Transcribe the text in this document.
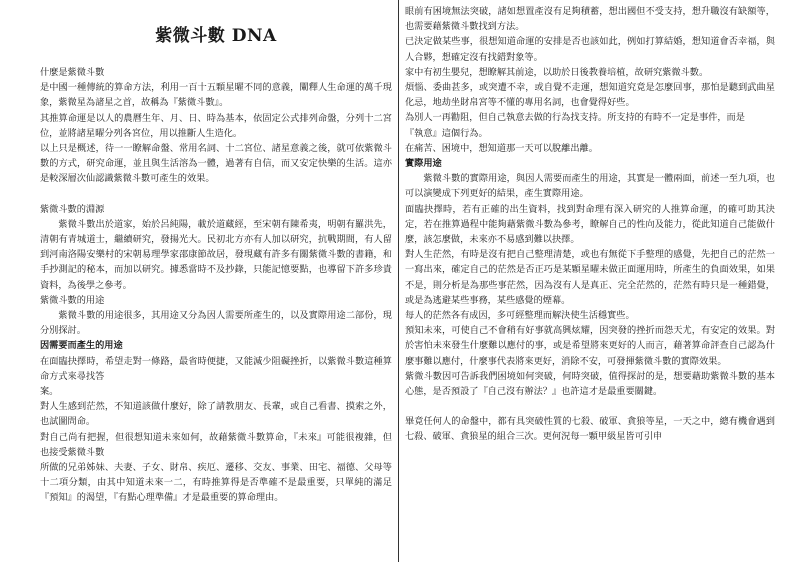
紫微斗數 DNA

什麼是紫微斗數

是中國一種傳統的算命方法，利用一百十五顆星曜不同的意義，闡釋人生命運的萬千現象，紫微星為諸星之首，故稱為『紫微斗數』。

其推算命運是以人的農曆生年、月、日、時為基本，依固定公式排列命盤，分列十二宮位，並將諸星曜分列各宮位，用以推斷人生造化。

以上只是概述，待一一瞭解命盤、常用名詞、十二宮位、諸星意義之後，就可依紫微斗數的方式，研究命運，並且與生活溶為一體，過著有自信，而又安定快樂的生活。這亦是較深層次仙認識紫微斗數可產生的效果。

紫微斗數的淵源

紫微斗數出於道家，始於呂純陽，載於道藏經，至宋朝有陳希夷，明朝有羅洪先，清朝有青城道士，繼續研究，發揚光大。民初北方亦有人加以研究，抗戰期間，有人留到河南洛陽安樂村的宋朝易理學家邵康節故居，發現藏有許多有關紫微斗數的書籍，和手抄測記的秘本，而加以研究。據悉當時不及抄錄，只能記憶要點，也導留下許多珍貴資料，為後學之參考。

紫微斗數的用途

紫微斗數的用途很多，其用途又分為因人需要所產生的，以及實際用途二部份，現分別探討。

因需要而產生的用途

在面臨抉擇時，希望走對一條路，最省時便捷，又能減少阻礙挫折，以紫微斗數這種算命方式來尋找答

案。

對人生感到茫然，不知道該做什麼好，除了請教朋友、長輩，或自己看書、摸索之外，也試圖問命。

對自己尚有把握，但很想知道未來如何，故藉紫微斗數算命，『未來』可能很複雜，但也接受紫微斗數

所做的兄弟姊妹、夫妻、子女、財帛、疾厄、遷移、交友、事業、田宅、福德、父母等十二項分類，由其中知道未來一二，有時推算得是否準確不是最重要，只單純的滿足『預知』的渴望，『有點心理準備』才是最重要的算命理由。

眼前有困境無法突破，諸如想置產沒有足夠積蓄，想出國但不受支持，想升職沒有缺額等，也需要藉紫微斗數找到方法。

已決定做某些事，很想知道命運的安排是否也該如此，例如打算結婚，想知道會否幸福，與人合夥，想確定沒有找錯對象等。

家中有初生嬰兒，想瞭解其前途，以助於日後教養培植，故研究紫微斗數。

煩惱、委曲甚多，或突遭不幸，或自覺不走運，想知道究竟是怎麼回事，那怕是聽到武曲星化忌，地劫坐財帛宮等不懂的專用名詞，也會覺得好些。

為別人一再勸阻，但自己執意去做的行為找支持。所支持的有時不一定是事件，而是

『執意』這個行為。

在痛苦、困境中，想知道那一天可以脫離出離。

實際用途

紫微斗數的實際用途，與因人需要而產生的用途，其實是一體兩面，前述一至九項，也可以演變成下列更好的結果，產生實際用途。

面臨抉擇時，若有正確的出生資料，找到對命理有深入研究的人推算命運，的確可助其決定，若在推算過程中能夠藉紫微斗數為參考，瞭解自己的性向及能力，從此知道自己能做什麼，該怎麼做，未來亦不易感到難以抉擇。

對人生茫然，有時是沒有把自己整理清楚，或也有無從下手整理的感覺，先把自己的茫然一一寫出來，確定自己的茫然是否正巧是某顆星曜未做正面運用時，所產生的負面效果，如果不是，則分析是為那些事茫然，因為沒有人是真正、完全茫然的，茫然有時只是一種錯覺，或是為逃避某些事務，某些感覺的煙幕。

每人的茫然各有成因，多可經整理而解決使生活穩實些。

預知未來，可使自己不會稍有好事就高興炫耀，因突發的挫折而怨天尤，有安定的效果。對於害怕未來發生什麼難以應付的事，或是希望將來更好的人而言，藉著算命評查自己認為什麼事難以應付，什麼事代表將來更好，消除不安，可發揮紫微斗數的實際效果。

紫微斗數因可告訴我們困境如何突破，何時突破，值得探討的是，想要藉助紫微斗數的基本心態，是否預設了『自己沒有辦法？』也許這才是最重要關鍵。

畢竟任何人的命盤中，都有具突破性質的七殺、破軍、貪狼等星，一天之中，總有機會遇到七殺、破軍、貪狼星的組合三次。更何況每一顆甲級星皆可引申
